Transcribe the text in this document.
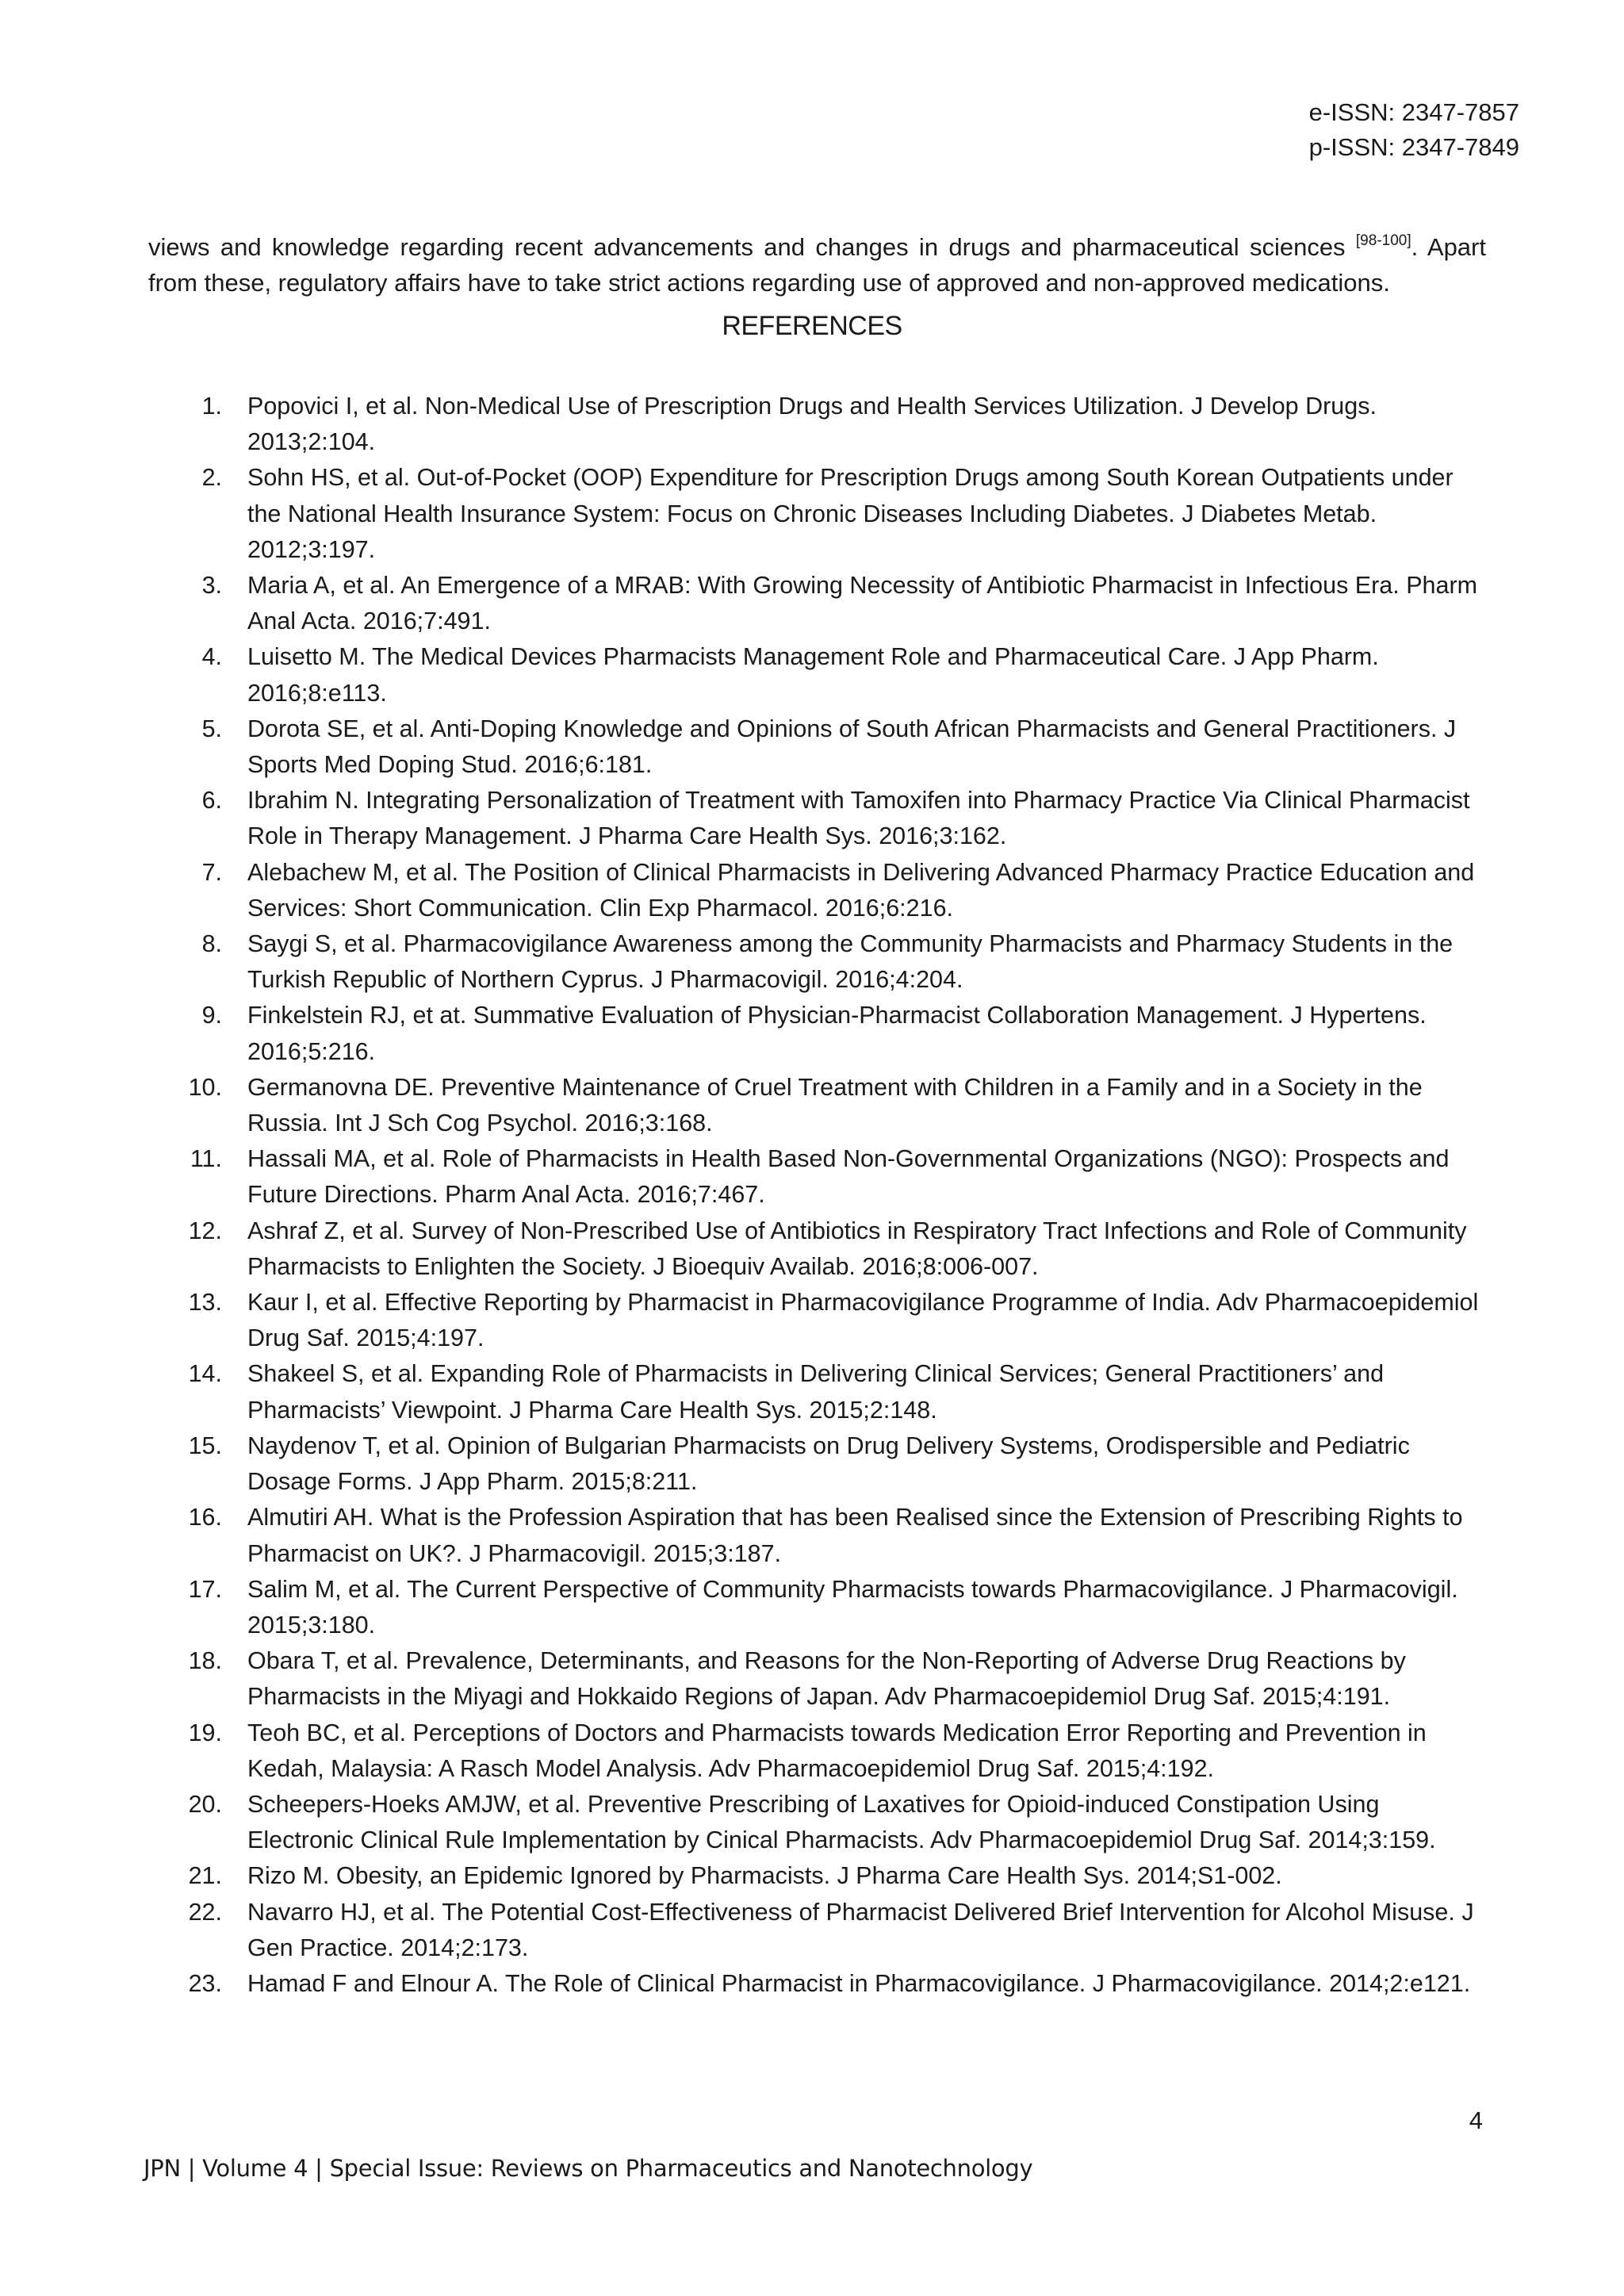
e-ISSN: 2347-7857
p-ISSN: 2347-7849

views and knowledge regarding recent advancements and changes in drugs and pharmaceutical sciences [98-100]. Apart from these, regulatory affairs have to take strict actions regarding use of approved and non-approved medications.

REFERENCES
1. Popovici I, et al. Non-Medical Use of Prescription Drugs and Health Services Utilization. J Develop Drugs. 2013;2:104.
2. Sohn HS, et al. Out-of-Pocket (OOP) Expenditure for Prescription Drugs among South Korean Outpatients under the National Health Insurance System: Focus on Chronic Diseases Including Diabetes. J Diabetes Metab. 2012;3:197.
3. Maria A, et al. An Emergence of a MRAB: With Growing Necessity of Antibiotic Pharmacist in Infectious Era. Pharm Anal Acta. 2016;7:491.
4. Luisetto M. The Medical Devices Pharmacists Management Role and Pharmaceutical Care. J App Pharm. 2016;8:e113.
5. Dorota SE, et al. Anti-Doping Knowledge and Opinions of South African Pharmacists and General Practitioners. J Sports Med Doping Stud. 2016;6:181.
6. Ibrahim N. Integrating Personalization of Treatment with Tamoxifen into Pharmacy Practice Via Clinical Pharmacist Role in Therapy Management. J Pharma Care Health Sys. 2016;3:162.
7. Alebachew M, et al. The Position of Clinical Pharmacists in Delivering Advanced Pharmacy Practice Education and Services: Short Communication. Clin Exp Pharmacol. 2016;6:216.
8. Saygi S, et al. Pharmacovigilance Awareness among the Community Pharmacists and Pharmacy Students in the Turkish Republic of Northern Cyprus. J Pharmacovigil. 2016;4:204.
9. Finkelstein RJ, et at. Summative Evaluation of Physician-Pharmacist Collaboration Management. J Hypertens. 2016;5:216.
10. Germanovna DE. Preventive Maintenance of Cruel Treatment with Children in a Family and in a Society in the Russia. Int J Sch Cog Psychol. 2016;3:168.
11. Hassali MA, et al. Role of Pharmacists in Health Based Non-Governmental Organizations (NGO): Prospects and Future Directions. Pharm Anal Acta. 2016;7:467.
12. Ashraf Z, et al. Survey of Non-Prescribed Use of Antibiotics in Respiratory Tract Infections and Role of Community Pharmacists to Enlighten the Society. J Bioequiv Availab. 2016;8:006-007.
13. Kaur I, et al. Effective Reporting by Pharmacist in Pharmacovigilance Programme of India. Adv Pharmacoepidemiol Drug Saf. 2015;4:197.
14. Shakeel S, et al. Expanding Role of Pharmacists in Delivering Clinical Services; General Practitioners’ and Pharmacists’ Viewpoint. J Pharma Care Health Sys. 2015;2:148.
15. Naydenov T, et al. Opinion of Bulgarian Pharmacists on Drug Delivery Systems, Orodispersible and Pediatric Dosage Forms. J App Pharm. 2015;8:211.
16. Almutiri AH. What is the Profession Aspiration that has been Realised since the Extension of Prescribing Rights to Pharmacist on UK?. J Pharmacovigil. 2015;3:187.
17. Salim M, et al. The Current Perspective of Community Pharmacists towards Pharmacovigilance. J Pharmacovigil. 2015;3:180.
18. Obara T, et al. Prevalence, Determinants, and Reasons for the Non-Reporting of Adverse Drug Reactions by Pharmacists in the Miyagi and Hokkaido Regions of Japan. Adv Pharmacoepidemiol Drug Saf. 2015;4:191.
19. Teoh BC, et al. Perceptions of Doctors and Pharmacists towards Medication Error Reporting and Prevention in Kedah, Malaysia: A Rasch Model Analysis. Adv Pharmacoepidemiol Drug Saf. 2015;4:192.
20. Scheepers-Hoeks AMJW, et al. Preventive Prescribing of Laxatives for Opioid-induced Constipation Using Electronic Clinical Rule Implementation by Cinical Pharmacists. Adv Pharmacoepidemiol Drug Saf. 2014;3:159.
21. Rizo M. Obesity, an Epidemic Ignored by Pharmacists. J Pharma Care Health Sys. 2014;S1-002.
22. Navarro HJ, et al. The Potential Cost-Effectiveness of Pharmacist Delivered Brief Intervention for Alcohol Misuse. J Gen Practice. 2014;2:173.
23. Hamad F and Elnour A. The Role of Clinical Pharmacist in Pharmacovigilance. J Pharmacovigilance. 2014;2:e121.
4
JPN | Volume 4 | Special Issue: Reviews on Pharmaceutics and Nanotechnology
